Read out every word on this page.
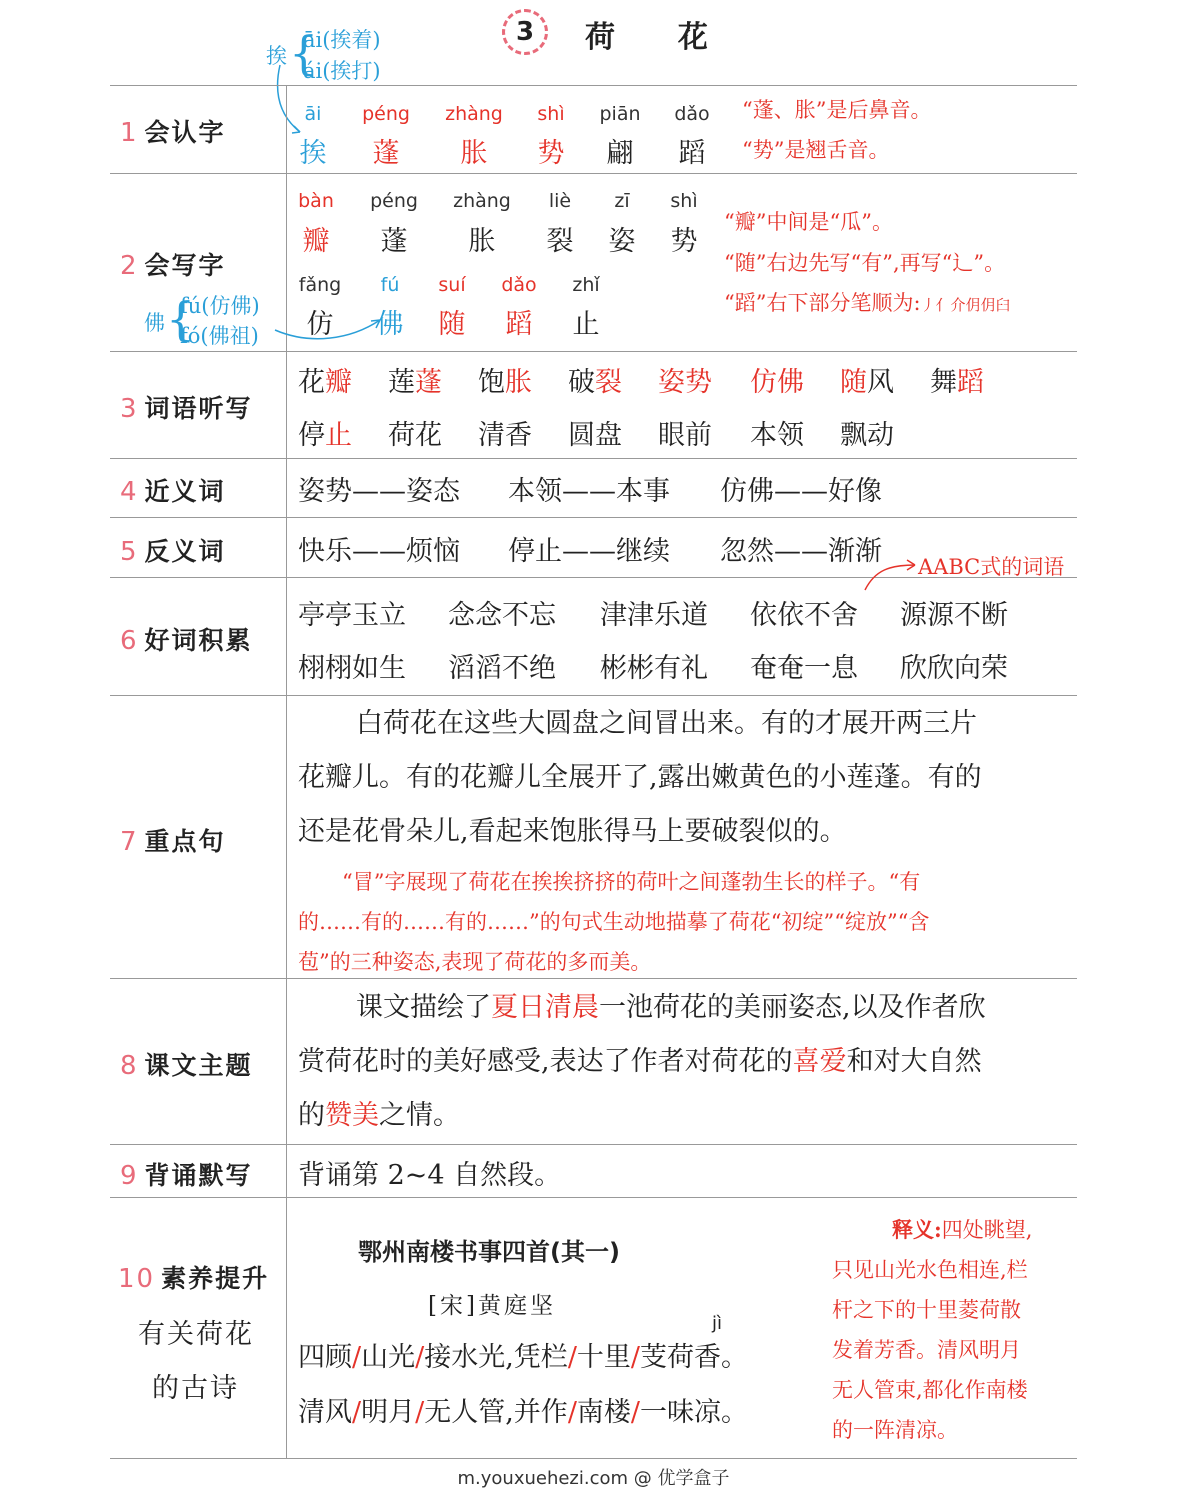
3	荷  花
挨 {
āi(挨着)
ái(挨打)
1 会认字
2 会写字
3 词语听写
4 近义词
5 反义词
6 好词积累
7 重点句
8 课文主题
9 背诵默写
10 素养提升
有关荷花
的古诗
āi
挨
péng
蓬
zhàng
胀
shì
势
piān
翩
dǎo
蹈
“蓬、胀”是后鼻音。
“势”是翘舌音。
bàn
瓣
péng
蓬
zhàng
胀
liè
裂
zī
姿
shì
势
fǎng
仿
fú
佛
suí
随
dǎo
蹈
zhǐ
止
“瓣”中间是“瓜”。
“随”右边先写“有”,再写“辶”。
“蹈”右下部分笔顺为:丿亻介仴仴臼
佛 {
fú(仿佛)
fó(佛祖)
花瓣 莲蓬 饱胀 破裂 姿势 仿佛 随风 舞蹈
停止 荷花 清香 圆盘 眼前 本领 飘动
姿势——姿态 本领——本事 仿佛——好像
快乐——烦恼 停止——继续 忽然——渐渐 AABC式的词语
亭亭玉立 念念不忘 津津乐道 依依不舍 源源不断
栩栩如生 滔滔不绝 彬彬有礼 奄奄一息 欣欣向荣
白荷花在这些大圆盘之间冒出来。有的才展开两三片
花瓣儿。有的花瓣儿全展开了,露出嫩黄色的小莲蓬。有的
还是花骨朵儿,看起来饱胀得马上要破裂似的。
“冒”字展现了荷花在挨挨挤挤的荷叶之间蓬勃生长的样子。“有
的……有的……有的……”的句式生动地描摹了荷花“初绽”“绽放”“含
苞”的三种姿态,表现了荷花的多而美。
课文描绘了夏日清晨一池荷花的美丽姿态,以及作者欣
赏荷花时的美好感受,表达了作者对荷花的喜爱和对大自然
的赞美之情。
背诵第 2~4 自然段。
鄂州南楼书事四首(其一)
[宋]黄庭坚
jì
四顾/山光/接水光,凭栏/十里/芰荷香。
清风/明月/无人管,并作/南楼/一味凉。
释义:四处眺望,
只见山光水色相连,栏
杆之下的十里菱荷散
发着芳香。清风明月
无人管束,都化作南楼
的一阵清凉。
m.youxuehezi.com @ 优学盒子
